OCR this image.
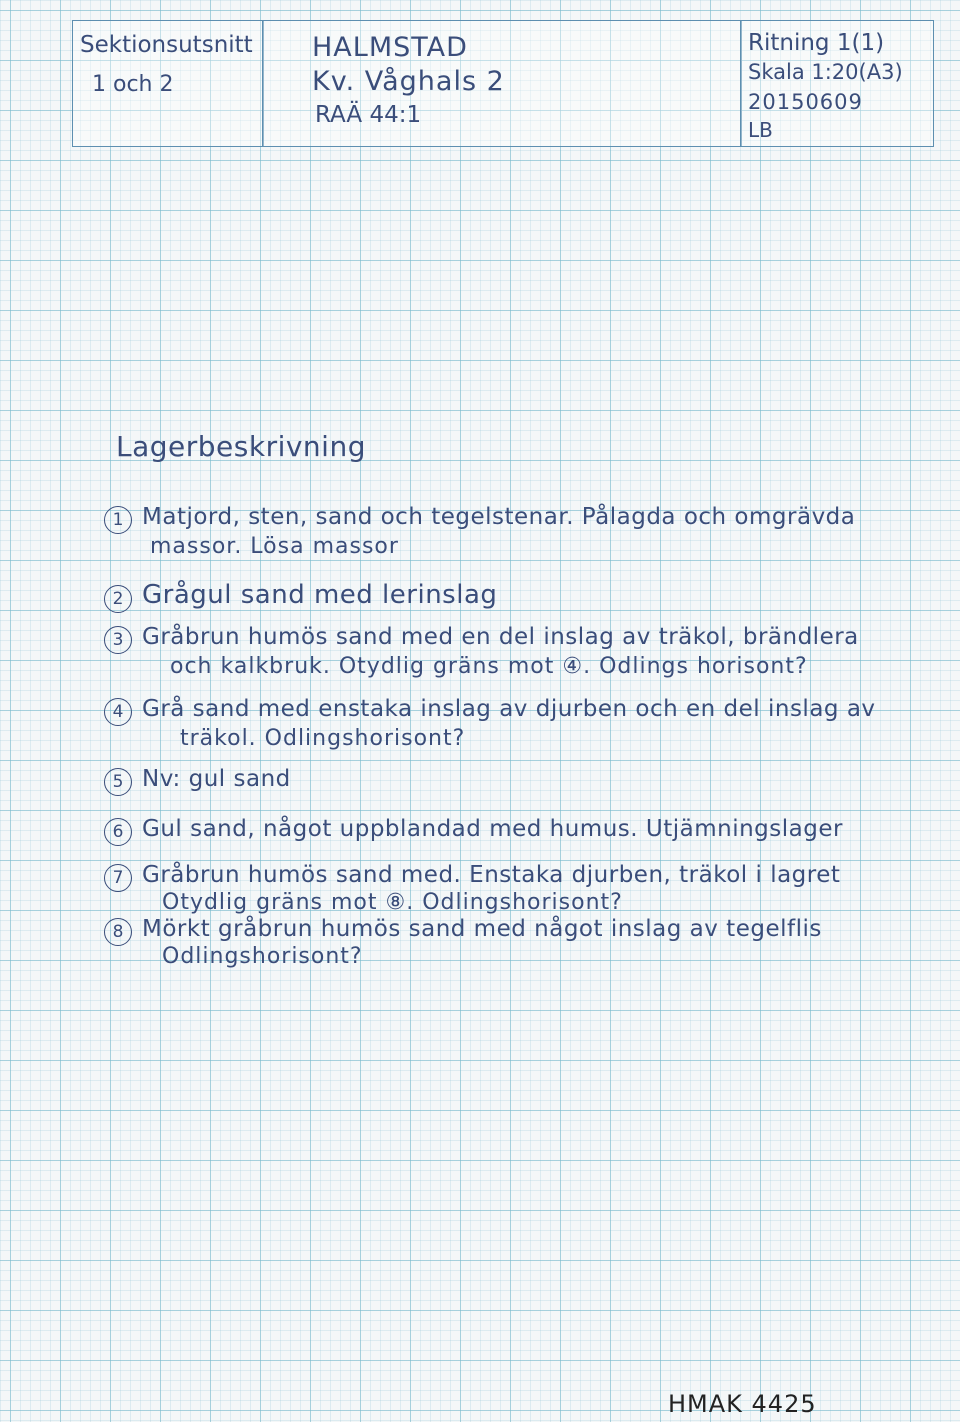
Sektionsutsnitt
1 och 2
HALMSTAD
Kv. Våghals 2
RAÄ 44:1
Ritning 1(1)
Skala 1:20(A3)
20150609
LB
Lagerbeskrivning
1 Matjord, sten, sand och tegelstenar. Pålagda och omgrävda
massor. Lösa massor
2 Grågul sand med lerinslag
3 Gråbrun humös sand med en del inslag av träkol, brändlera
och kalkbruk. Otydlig gräns mot ④. Odlings horisont?
4 Grå sand med enstaka inslag av djurben och en del inslag av
träkol. Odlingshorisont?
5 Nv: gul sand
6 Gul sand, något uppblandad med humus. Utjämningslager
7 Gråbrun humös sand med. Enstaka djurben, träkol i lagret
Otydlig gräns mot ⑧. Odlingshorisont?
8 Mörkt gråbrun humös sand med något inslag av tegelflis
Odlingshorisont?
HMAK 4425
